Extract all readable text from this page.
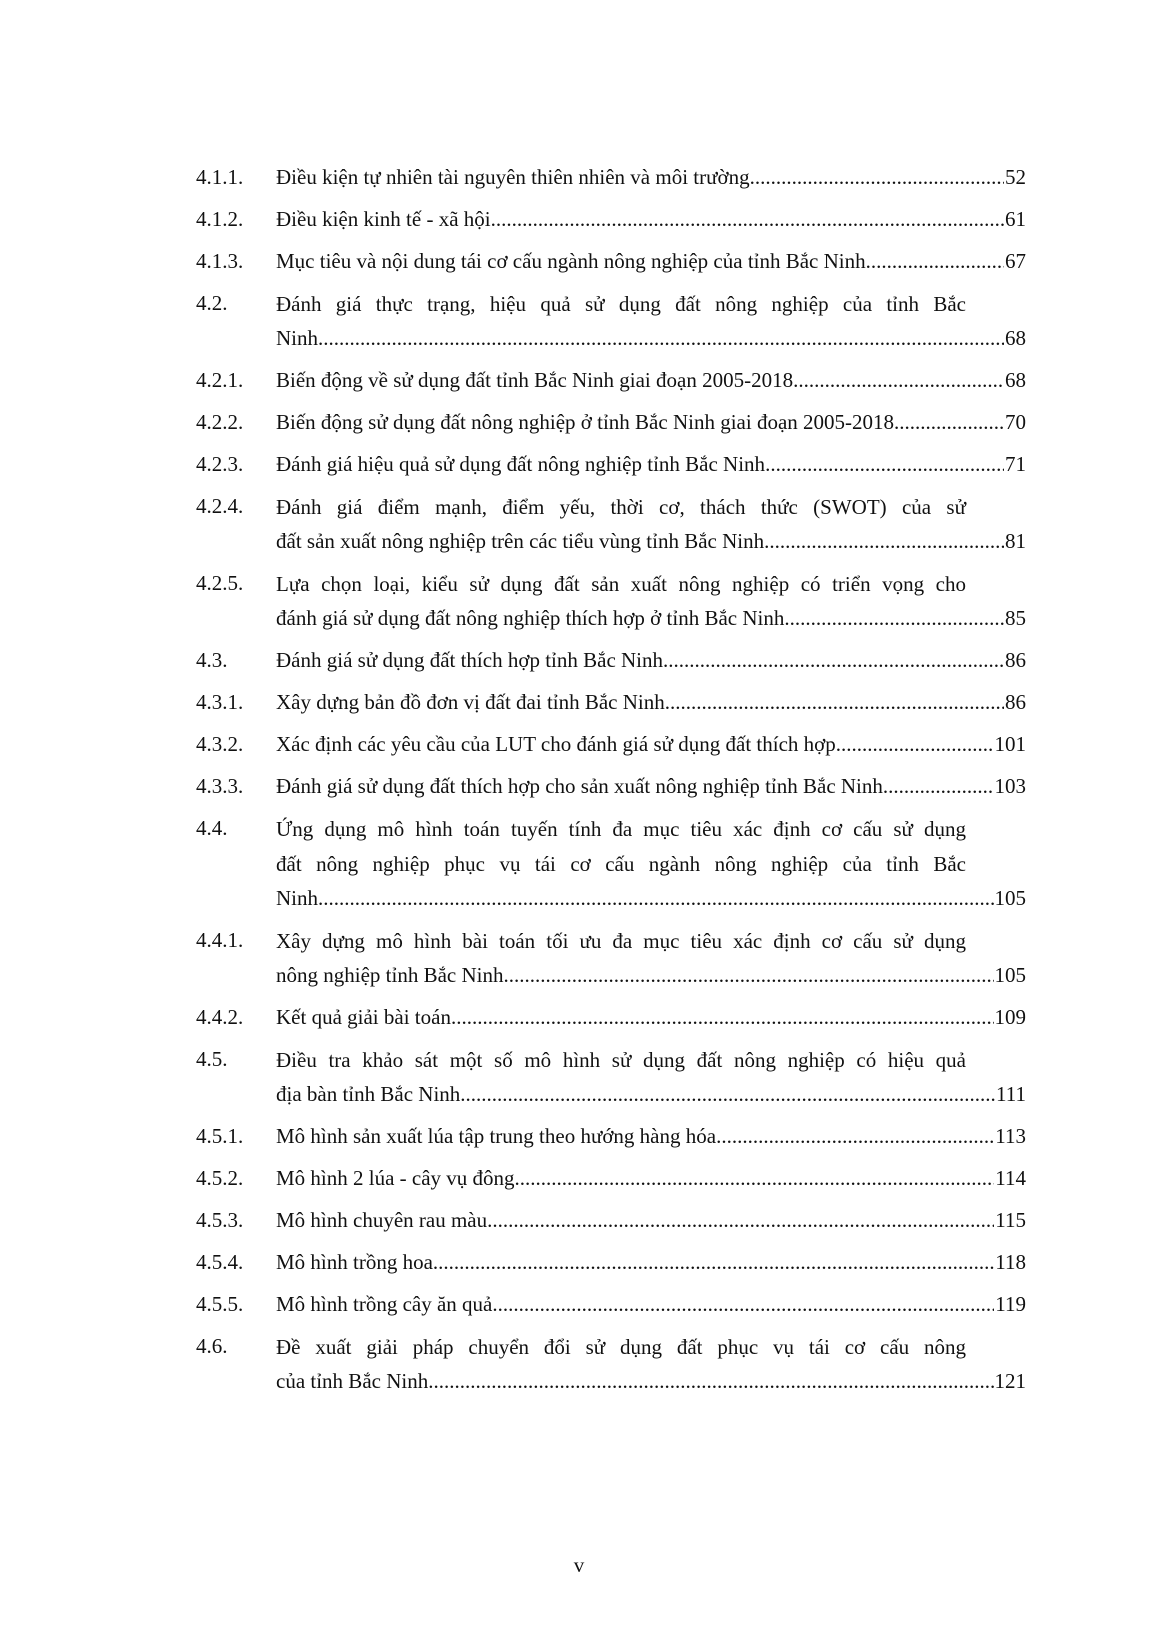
4.1.1.	Điều kiện tự nhiên tài nguyên thiên nhiên và môi trường .....	52
4.1.2.	Điều kiện kinh tế - xã hội .....	61
4.1.3.	Mục tiêu và nội dung tái cơ cấu ngành nông nghiệp của tỉnh Bắc Ninh .....	67
4.2.	Đánh giá thực trạng, hiệu quả sử dụng đất nông nghiệp của tỉnh Bắc
Ninh .....	68
4.2.1.	Biến động về sử dụng đất tỉnh Bắc Ninh giai đoạn 2005-2018 .....	68
4.2.2.	Biến động sử dụng đất nông nghiệp ở tỉnh Bắc Ninh giai đoạn 2005-2018 .....	70
4.2.3.	Đánh giá hiệu quả sử dụng đất nông nghiệp tỉnh Bắc Ninh .....	71
4.2.4.	Đánh giá điểm mạnh, điểm yếu, thời cơ, thách thức (SWOT) của sử
đất sản xuất nông nghiệp trên các tiểu vùng tỉnh Bắc Ninh .....	81
4.2.5.	Lựa chọn loại, kiểu sử dụng đất sản xuất nông nghiệp có triển vọng cho
đánh giá sử dụng đất nông nghiệp thích hợp ở tỉnh Bắc Ninh .....	85
4.3.	Đánh giá sử dụng đất thích hợp tỉnh Bắc Ninh .....	86
4.3.1.	Xây dựng bản đồ đơn vị đất đai tỉnh Bắc Ninh .....	86
4.3.2.	Xác định các yêu cầu của LUT cho đánh giá sử dụng đất thích hợp .....	101
4.3.3.	Đánh giá sử dụng đất thích hợp cho sản xuất nông nghiệp tỉnh Bắc Ninh .....	103
4.4.	Ứng dụng mô hình toán tuyến tính đa mục tiêu xác định cơ cấu sử dụng
đất nông nghiệp phục vụ tái cơ cấu ngành nông nghiệp của tỉnh Bắc
Ninh .....	105
4.4.1.	Xây dựng mô hình bài toán tối ưu đa mục tiêu xác định cơ cấu sử dụng
nông nghiệp tỉnh Bắc Ninh .....	105
4.4.2.	Kết quả giải bài toán .....	109
4.5.	Điều tra khảo sát một số mô hình sử dụng đất nông nghiệp có hiệu quả
địa bàn tỉnh Bắc Ninh .....	111
4.5.1.	Mô hình sản xuất lúa tập trung theo hướng hàng hóa .....	113
4.5.2.	Mô hình 2 lúa - cây vụ đông .....	114
4.5.3.	Mô hình chuyên rau màu .....	115
4.5.4.	Mô hình trồng hoa .....	118
4.5.5.	Mô hình trồng cây ăn quả .....	119
4.6.	Đề xuất giải pháp chuyển đổi sử dụng đất phục vụ tái cơ cấu nông
của tỉnh Bắc Ninh .....	121
v
